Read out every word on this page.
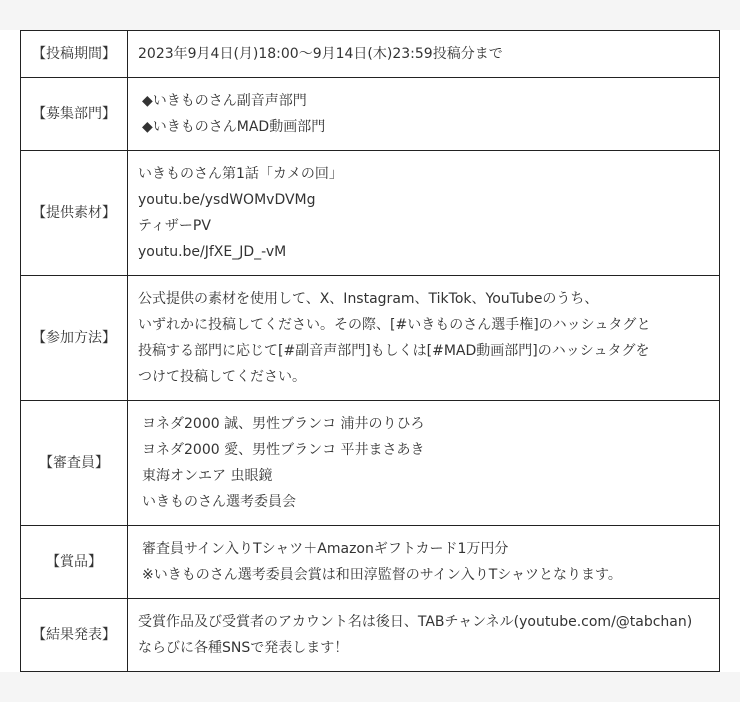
【投稿期間】	2023年9月4日(月)18:00〜9月14日(木)23:59投稿分まで

【募集部門】	◆いきものさん副音声部門
◆いきものさんMAD動画部門

【提供素材】	いきものさん第1話「カメの回」
youtu.be/ysdWOMvDVMg
ティザーPV
youtu.be/JfXE_JD_-vM

【参加方法】	公式提供の素材を使用して、X、Instagram、TikTok、YouTubeのうち、
いずれかに投稿してください。その際、[#いきものさん選手権]のハッシュタグと
投稿する部門に応じて[#副音声部門]もしくは[#MAD動画部門]のハッシュタグを
つけて投稿してください。

【審査員】	ヨネダ2000 誠、男性ブランコ 浦井のりひろ
ヨネダ2000 愛、男性ブランコ 平井まさあき
東海オンエア 虫眼鏡
いきものさん選考委員会

【賞品】	審査員サイン入りTシャツ＋Amazonギフトカード1万円分
※いきものさん選考委員会賞は和田淳監督のサイン入りTシャツとなります。

【結果発表】	受賞作品及び受賞者のアカウント名は後日、TABチャンネル(youtube.com/@tabchan)
ならびに各種SNSで発表します！
